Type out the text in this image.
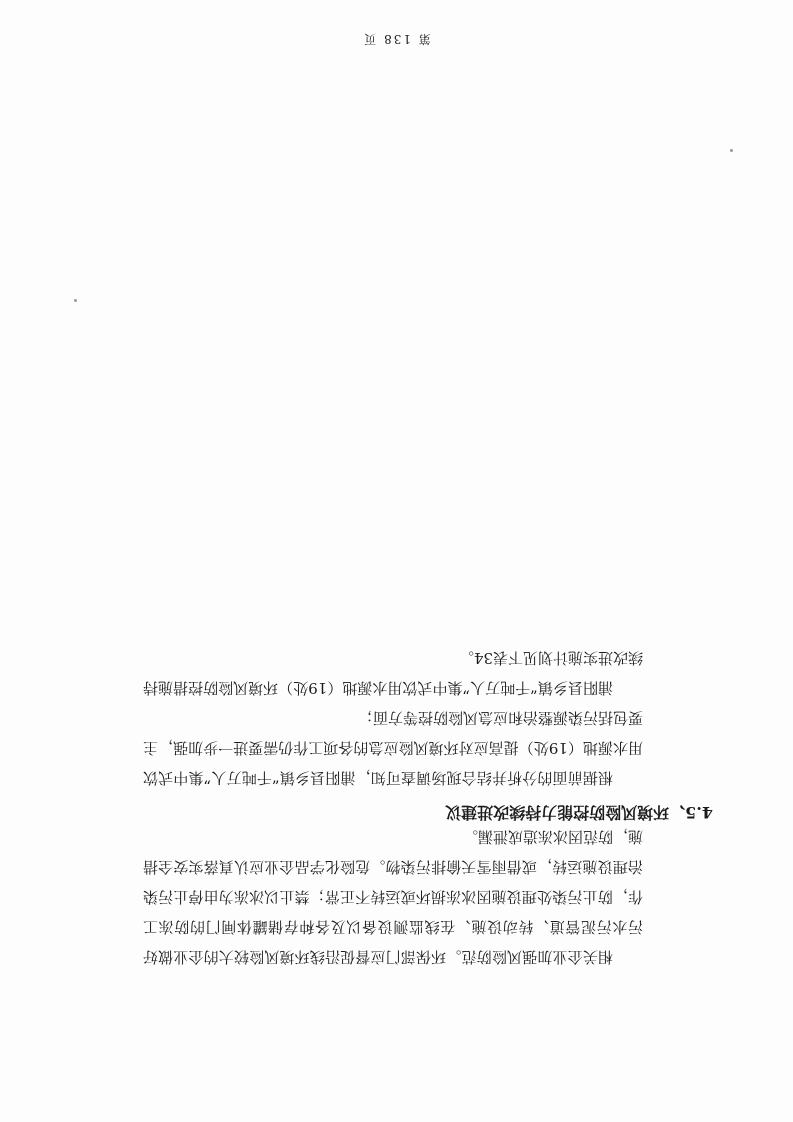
相关企业加强风险防范。环保部门应督促沿线环境风险较大的企业做好污水污泥管道、转动设施、在线监测设备以及各种存储罐体闸门的防冻工作，防止污染处理设施因冰冻损坏或运转不正常；禁止以冰冻为由停止污染治理设施运转，或借雨雪天偷排污染物。危险化学品企业应认真落实安全措施，防范因冰冻造成泄漏。

4.5、环境风险防控能力持续改进建议

根据前面的分析并结合现场调查可知，浦阳县乡镇“千吨万人”集中式饮用水源地（19处）提高应对环境风险应急的各项工作仍需要进一步加强，主要包括污染源整治和应急风险防控等方面；

浦阳县乡镇“千吨万人”集中式饮用水源地（19处）环境风险防控措施持续改进实施计划见下表34。

第 138 页
